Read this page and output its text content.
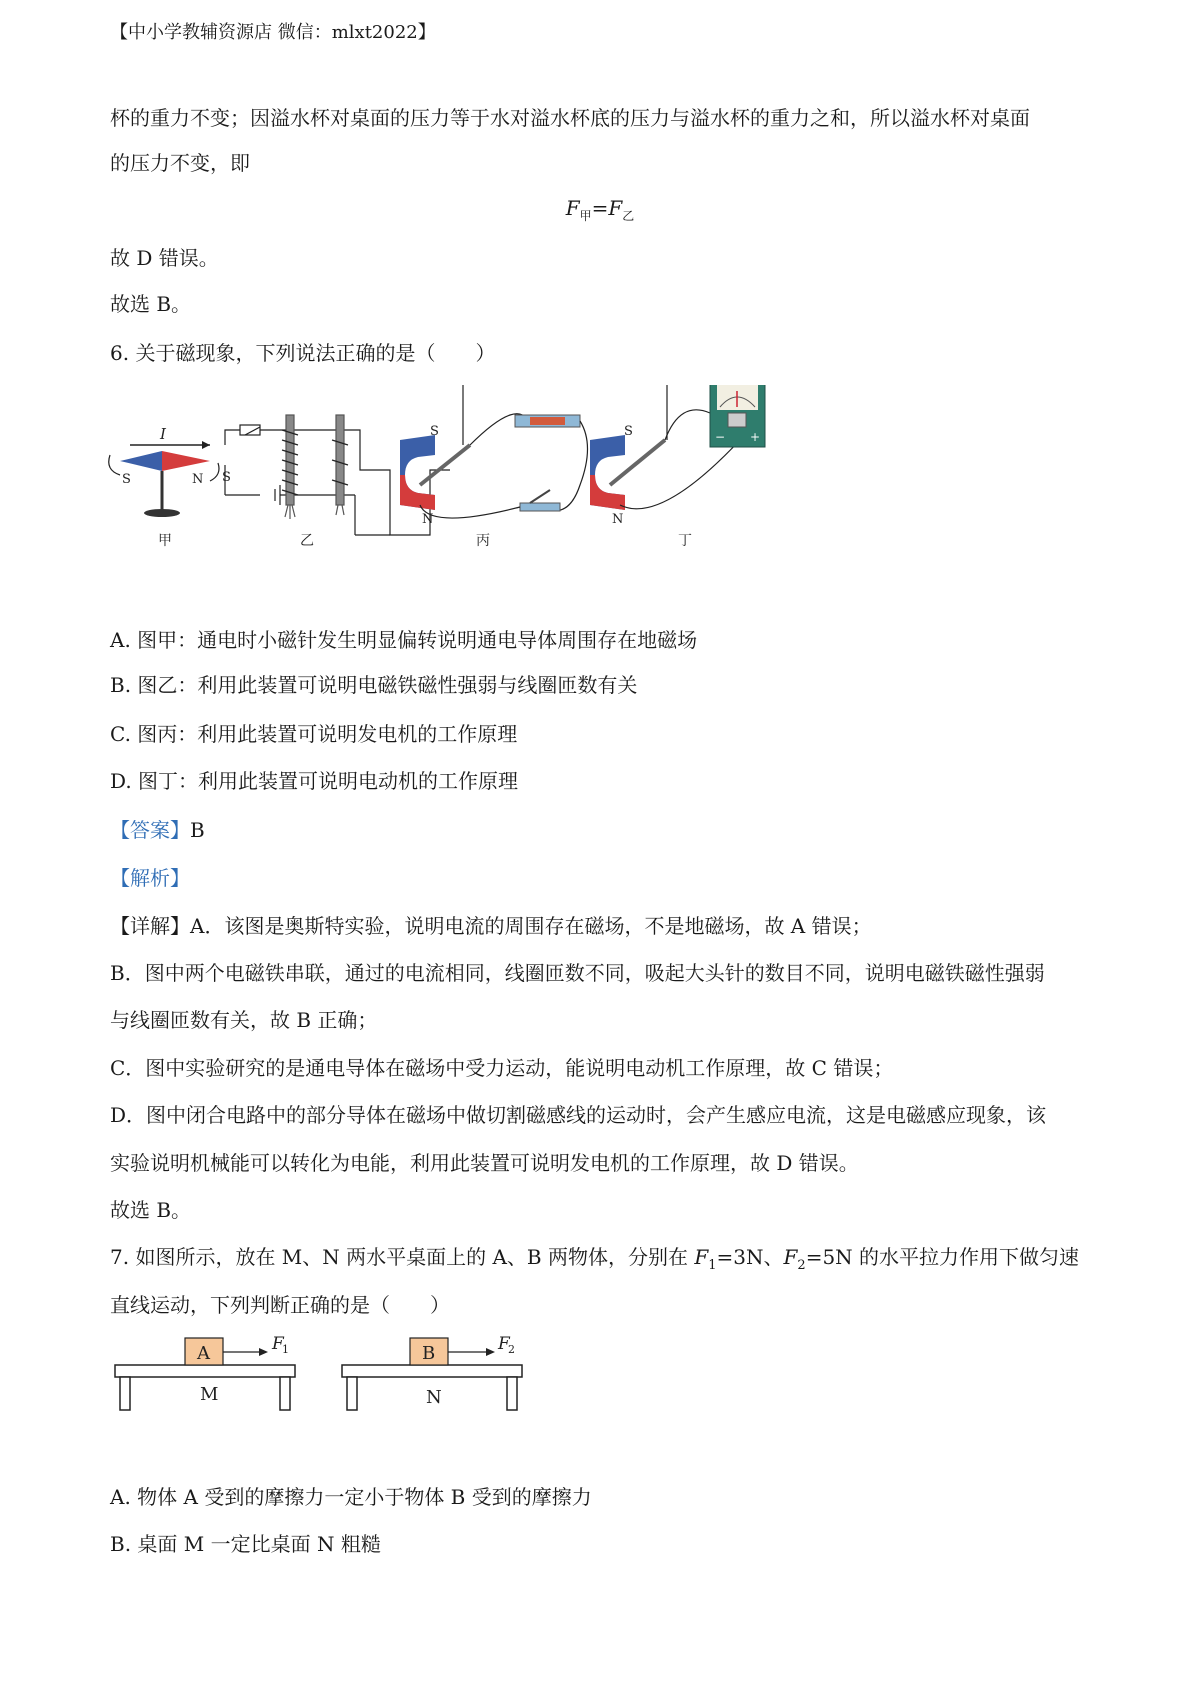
【中小学教辅资源店 微信：mlxt2022】
杯的重力不变；因溢水杯对桌面的压力等于水对溢水杯底的压力与溢水杯的重力之和，所以溢水杯对桌面
的压力不变，即
$F_甲=F_乙$
故 D 错误。
故选 B。
6. 关于磁现象，下列说法正确的是（　　）
I
S	N
甲
S
乙
S
N
丙
− +
S
N
丁
A. 图甲：通电时小磁针发生明显偏转说明通电导体周围存在地磁场
B. 图乙：利用此装置可说明电磁铁磁性强弱与线圈匝数有关
C. 图丙：利用此装置可说明发电机的工作原理
D. 图丁：利用此装置可说明电动机的工作原理
【答案】B
【解析】
【详解】A．该图是奥斯特实验，说明电流的周围存在磁场，不是地磁场，故 A 错误；
B．图中两个电磁铁串联，通过的电流相同，线圈匝数不同，吸起大头针的数目不同，说明电磁铁磁性强弱
与线圈匝数有关，故 B 正确；
C．图中实验研究的是通电导体在磁场中受力运动，能说明电动机工作原理，故 C 错误；
D．图中闭合电路中的部分导体在磁场中做切割磁感线的运动时，会产生感应电流，这是电磁感应现象，该
实验说明机械能可以转化为电能，利用此装置可说明发电机的工作原理，故 D 错误。
故选 B。
7. 如图所示，放在 M、N 两水平桌面上的 A、B 两物体，分别在 $F_1=3N$、$F_2=5N$ 的水平拉力作用下做匀速
直线运动，下列判断正确的是（　　）
A	F
1
M
B	F
2
N
A. 物体 A 受到的摩擦力一定小于物体 B 受到的摩擦力
B. 桌面 M 一定比桌面 N 粗糙
